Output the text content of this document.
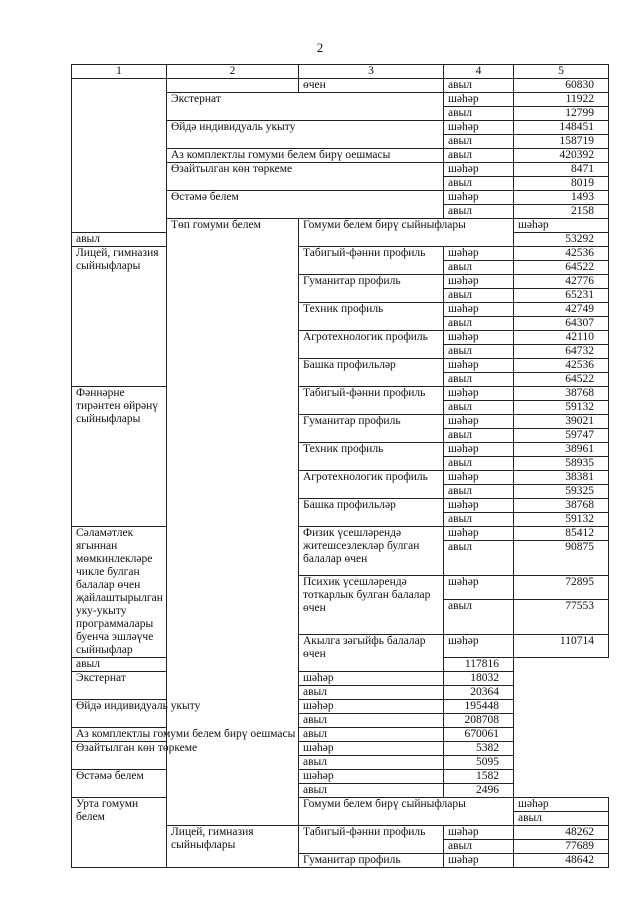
2
1	2	3	4	5	
		өчен	авыл	60830	
	Экстернат		шәһәр	11922	
			авыл	12799	
	Өйдә индивидуаль укыту		шәһәр	148451	
			авыл	158719	
	Аз комплектлы гомуми белем бирү оешмасы		авыл	420392	
	Өзайтылган көн төркеме		шәһәр	8471	
			авыл	8019	
	Өстәмә белем		шәһәр	1493	
			авыл	2158	
	Төп гомуми белем	Гомуми белем бирү сыйныфлары		шәһәр	
авыл				53292	
Лицей, гимназия сыйныфлары		Табигый-фәнни профиль	шәһәр	42536	
			авыл	64522	
		Гуманитар профиль	шәһәр	42776	
			авыл	65231	
		Техник профиль	шәһәр	42749	
			авыл	64307	
		Агротехнологик профиль	шәһәр	42110	
			авыл	64732	
		Башка профильләр	шәһәр	42536	
			авыл	64522	
Фәннәрне тирәнтен өйрәнү сыйныфлары		Табигый-фәнни профиль	шәһәр	38768	
			авыл	59132	
		Гуманитар профиль	шәһәр	39021	
			авыл	59747	
		Техник профиль	шәһәр	38961	
			авыл	58935	
		Агротехнологик профиль	шәһәр	38381	
			авыл	59325	
		Башка профильләр	шәһәр	38768	
			авыл	59132	
Сәламәтлек ягыннан мөмкинлекләре чикле булган балалар өчен җайлаштырылган уку-укыту программалары буенча эшләүче сыйныфлар		Физик үсешләрендә житешсезлекләр булган балалар өчен	шәһәр	85412	
			авыл	90875	

		Психик үсешләрендә тоткарлык булган балалар өчен	шәһәр	72895	
			авыл	77553	

		Акылга зәгыйфь балалар өчен	шәһәр	110714	
авыл			117816		
Экстернат		шәһәр	18032		
		авыл	20364		
Өйдә индивидуаль укыту		шәһәр	195448		
		авыл	208708		
Аз комплектлы гомуми белем бирү оешмасы		авыл	670061		
Өзайтылган көн төркеме		шәһәр	5382		
		авыл	5095		
Өстәмә белем		шәһәр	1582		
		авыл	2496		
Урта гомуми белем		Гомуми белем бирү сыйныфлары		шәһәр	
				авыл	
	Лицей, гимназия сыйныфлары	Табигый-фәнни профиль	шәһәр	48262	
			авыл	77689	
		Гуманитар профиль	шәһәр	48642	
